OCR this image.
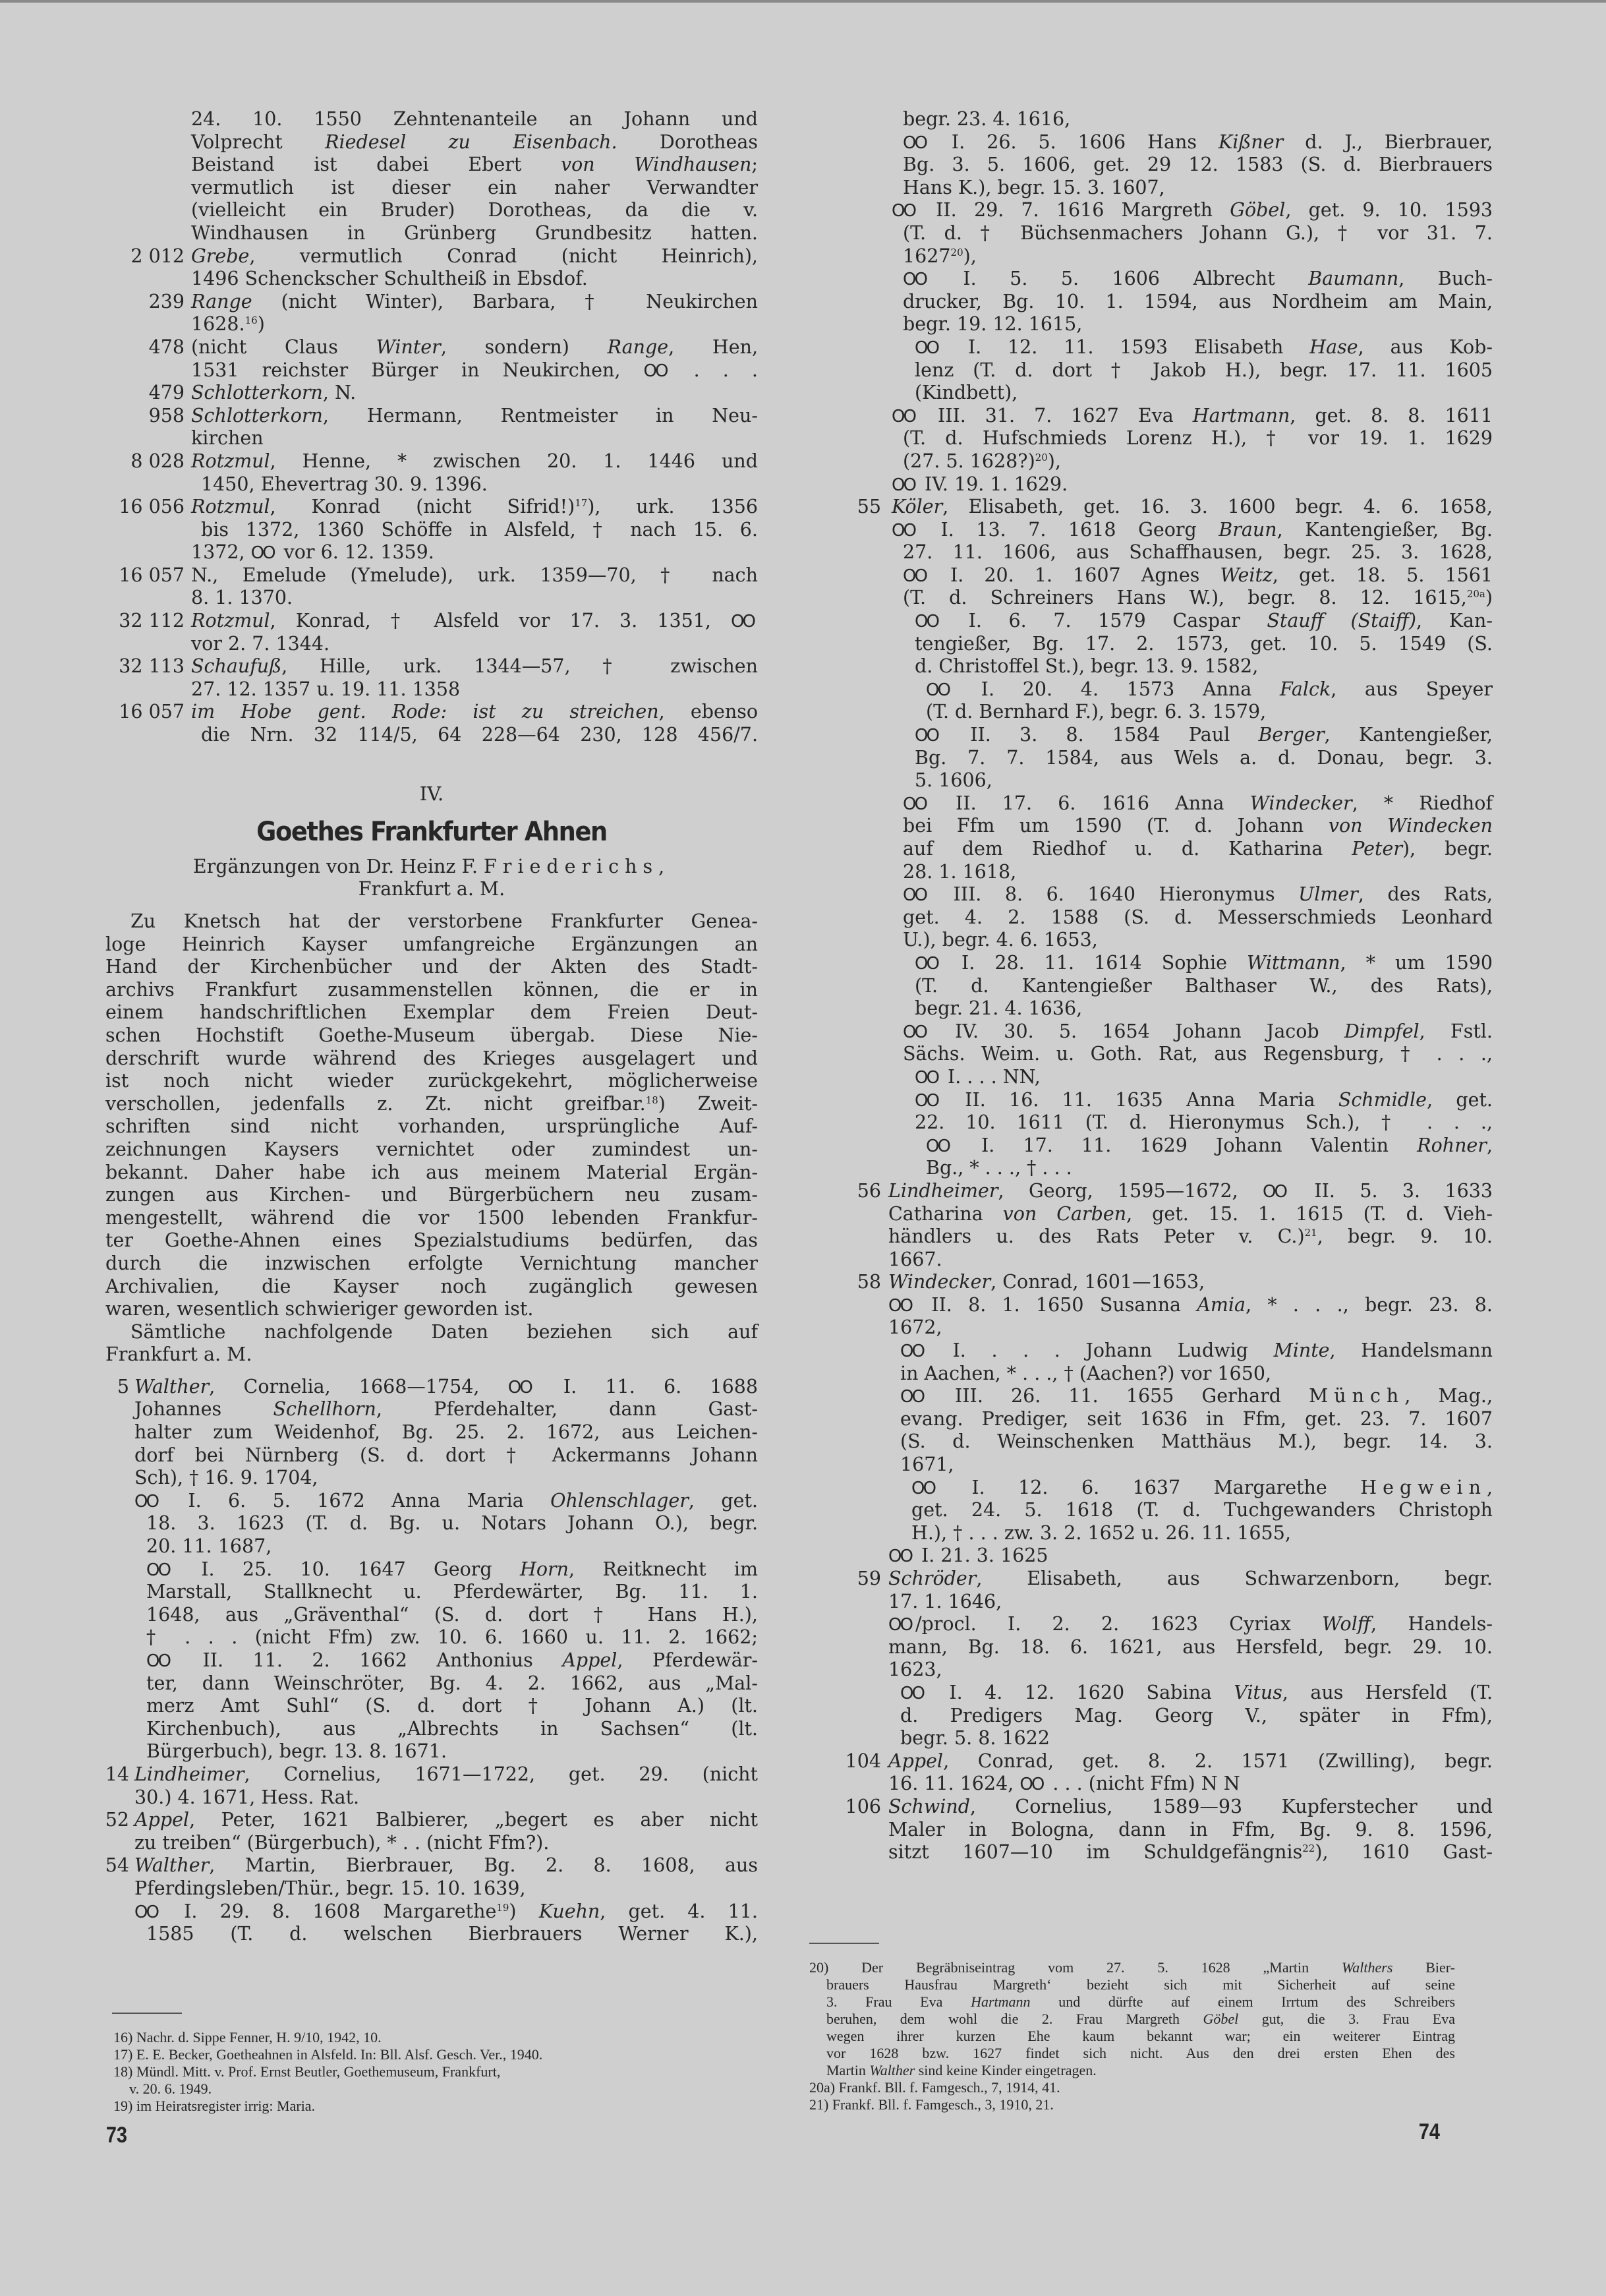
24. 10. 1550 Zehntenanteile an Johann und
Volprecht Riedesel zu Eisenbach. Dorotheas
Beistand ist dabei Ebert von Windhausen;
vermutlich ist dieser ein naher Verwandter
(vielleicht ein Bruder) Dorotheas, da die v.
Windhausen in Grünberg Grundbesitz hatten.
2 012 Grebe, vermutlich Conrad (nicht Heinrich),
1496 Schenckscher Schultheiß in Ebsdof.
239 Range (nicht Winter), Barbara, † Neukirchen
1628.16)
478 (nicht Claus Winter, sondern) Range, Hen,
1531 reichster Bürger in Neukirchen, OO . . .
479 Schlotterkorn, N.
958 Schlotterkorn, Hermann, Rentmeister in Neu-
kirchen
8 028 Rotzmul, Henne, * zwischen 20. 1. 1446 und
1450, Ehevertrag 30. 9. 1396.
16 056 Rotzmul, Konrad (nicht Sifrid!)$^{17}$), urk. 1356
bis 1372, 1360 Schöffe in Alsfeld, † nach 15. 6.
1372, OO vor 6. 12. 1359.
16 057 N., Emelude (Ymelude), urk. 1359—70, † nach
8. 1. 1370.
32 112 Rotzmul, Konrad, † Alsfeld vor 17. 3. 1351, OO
vor 2. 7. 1344.
32 113 Schaufuß, Hille, urk. 1344—57, † zwischen
27. 12. 1357 u. 19. 11. 1358
16 057 im Hobe gent. Rode: ist zu streichen, ebenso
die Nrn. 32 114/5, 64 228—64 230, 128 456/7.
IV.
Goethes Frankfurter Ahnen
Ergänzungen von Dr. Heinz F. Friederichs,
Frankfurt a. M.
Zu Knetsch hat der verstorbene Frankfurter Genea-
loge Heinrich Kayser umfangreiche Ergänzungen an
Hand der Kirchenbücher und der Akten des Stadt-
archivs Frankfurt zusammenstellen können, die er in
einem handschriftlichen Exemplar dem Freien Deut-
schen Hochstift Goethe-Museum übergab. Diese Nie-
derschrift wurde während des Krieges ausgelagert und
ist noch nicht wieder zurückgekehrt, möglicherweise
verschollen, jedenfalls z. Zt. nicht greifbar.$^{18}$) Zweit-
schriften sind nicht vorhanden, ursprüngliche Auf-
zeichnungen Kaysers vernichtet oder zumindest un-
bekannt. Daher habe ich aus meinem Material Ergän-
zungen aus Kirchen- und Bürgerbüchern neu zusam-
mengestellt, während die vor 1500 lebenden Frankfur-
ter Goethe-Ahnen eines Spezialstudiums bedürfen, das
durch die inzwischen erfolgte Vernichtung mancher
Archivalien, die Kayser noch zugänglich gewesen
waren, wesentlich schwieriger geworden ist.
Sämtliche nachfolgende Daten beziehen sich auf
Frankfurt a. M.
5 Walther, Cornelia, 1668—1754, OO I. 11. 6. 1688
Johannes Schellhorn, Pferdehalter, dann Gast-
halter zum Weidenhof, Bg. 25. 2. 1672, aus Leichen-
dorf bei Nürnberg (S. d. dort † Ackermanns Johann
Sch), † 16. 9. 1704,
OO I. 6. 5. 1672 Anna Maria Ohlenschlager, get.
18. 3. 1623 (T. d. Bg. u. Notars Johann O.), begr.
20. 11. 1687,
OO I. 25. 10. 1647 Georg Horn, Reitknecht im
Marstall, Stallknecht u. Pferdewärter, Bg. 11. 1.
1648, aus „Gräventhal“ (S. d. dort † Hans H.),
† . . . (nicht Ffm) zw. 10. 6. 1660 u. 11. 2. 1662;
OO II. 11. 2. 1662 Anthonius Appel, Pferdewär-
ter, dann Weinschröter, Bg. 4. 2. 1662, aus „Mal-
merz Amt Suhl“ (S. d. dort † Johann A.) (lt.
Kirchenbuch), aus „Albrechts in Sachsen“ (lt.
Bürgerbuch), begr. 13. 8. 1671.
14 Lindheimer, Cornelius, 1671—1722, get. 29. (nicht
30.) 4. 1671, Hess. Rat.
52 Appel, Peter, 1621 Balbierer, „begert es aber nicht
zu treiben“ (Bürgerbuch), * . . (nicht Ffm?).
54 Walther, Martin, Bierbrauer, Bg. 2. 8. 1608, aus
Pferdingsleben/Thür., begr. 15. 10. 1639,
OO I. 29. 8. 1608 Margarethe$^{19}$) Kuehn, get. 4. 11.
1585 (T. d. welschen Bierbrauers Werner K.),
16) Nachr. d. Sippe Fenner, H. 9/10, 1942, 10.
17) E. E. Becker, Goetheahnen in Alsfeld. In: Bll. Alsf. Gesch. Ver., 1940.
18) Mündl. Mitt. v. Prof. Ernst Beutler, Goethemuseum, Frankfurt,
v. 20. 6. 1949.
19) im Heiratsregister irrig: Maria.
73
begr. 23. 4. 1616,
OO I. 26. 5. 1606 Hans Kißner d. J., Bierbrauer,
Bg. 3. 5. 1606, get. 29 12. 1583 (S. d. Bierbrauers
Hans K.), begr. 15. 3. 1607,
OO II. 29. 7. 1616 Margreth Göbel, get. 9. 10. 1593
(T. d. † Büchsenmachers Johann G.), † vor 31. 7.
1627$^{20}$),
OO I. 5. 5. 1606 Albrecht Baumann, Buch-
drucker, Bg. 10. 1. 1594, aus Nordheim am Main,
begr. 19. 12. 1615,
OO I. 12. 11. 1593 Elisabeth Hase, aus Kob-
lenz (T. d. dort † Jakob H.), begr. 17. 11. 1605
(Kindbett),
OO III. 31. 7. 1627 Eva Hartmann, get. 8. 8. 1611
(T. d. Hufschmieds Lorenz H.), † vor 19. 1. 1629
(27. 5. 1628?)$^{20}$),
OO IV. 19. 1. 1629.
55 Köler, Elisabeth, get. 16. 3. 1600 begr. 4. 6. 1658,
OO I. 13. 7. 1618 Georg Braun, Kantengießer, Bg.
27. 11. 1606, aus Schaffhausen, begr. 25. 3. 1628,
OO I. 20. 1. 1607 Agnes Weitz, get. 18. 5. 1561
(T. d. Schreiners Hans W.), begr. 8. 12. 1615,$^{20a}$)
OO I. 6. 7. 1579 Caspar Stauff (Staiff), Kan-
tengießer, Bg. 17. 2. 1573, get. 10. 5. 1549 (S.
d. Christoffel St.), begr. 13. 9. 1582,
OO I. 20. 4. 1573 Anna Falck, aus Speyer
(T. d. Bernhard F.), begr. 6. 3. 1579,
OO II. 3. 8. 1584 Paul Berger, Kantengießer,
Bg. 7. 7. 1584, aus Wels a. d. Donau, begr. 3.
5. 1606,
OO II. 17. 6. 1616 Anna Windecker, * Riedhof
bei Ffm um 1590 (T. d. Johann von Windecken
auf dem Riedhof u. d. Katharina Peter), begr.
28. 1. 1618,
OO III. 8. 6. 1640 Hieronymus Ulmer, des Rats,
get. 4. 2. 1588 (S. d. Messerschmieds Leonhard
U.), begr. 4. 6. 1653,
OO I. 28. 11. 1614 Sophie Wittmann, * um 1590
(T. d. Kantengießer Balthaser W., des Rats),
begr. 21. 4. 1636,
OO IV. 30. 5. 1654 Johann Jacob Dimpfel, Fstl.
Sächs. Weim. u. Goth. Rat, aus Regensburg, † . . .,
OO I. . . . NN,
OO II. 16. 11. 1635 Anna Maria Schmidle, get.
22. 10. 1611 (T. d. Hieronymus Sch.), † . . .,
OO I. 17. 11. 1629 Johann Valentin Rohner,
Bg., * . . ., † . . .
56 Lindheimer, Georg, 1595—1672, OO II. 5. 3. 1633
Catharina von Carben, get. 15. 1. 1615 (T. d. Vieh-
händlers u. des Rats Peter v. C.)$^{21}$, begr. 9. 10.
1667.
58 Windecker, Conrad, 1601—1653,
OO II. 8. 1. 1650 Susanna Amia, * . . ., begr. 23. 8.
1672,
OO I. . . . Johann Ludwig Minte, Handelsmann
in Aachen, * . . ., † (Aachen?) vor 1650,
OO III. 26. 11. 1655 Gerhard Münch, Mag.,
evang. Prediger, seit 1636 in Ffm, get. 23. 7. 1607
(S. d. Weinschenken Matthäus M.), begr. 14. 3.
1671,
OO I. 12. 6. 1637 Margarethe Hegwein,
get. 24. 5. 1618 (T. d. Tuchgewanders Christoph
H.), † . . . zw. 3. 2. 1652 u. 26. 11. 1655,
OO I. 21. 3. 1625
59 Schröder, Elisabeth, aus Schwarzenborn, begr.
17. 1. 1646,
OO /procl. I. 2. 2. 1623 Cyriax Wolff, Handels-
mann, Bg. 18. 6. 1621, aus Hersfeld, begr. 29. 10.
1623,
OO I. 4. 12. 1620 Sabina Vitus, aus Hersfeld (T.
d. Predigers Mag. Georg V., später in Ffm),
begr. 5. 8. 1622
104 Appel, Conrad, get. 8. 2. 1571 (Zwilling), begr.
16. 11. 1624, OO . . . (nicht Ffm) N N
106 Schwind, Cornelius, 1589—93 Kupferstecher und
Maler in Bologna, dann in Ffm, Bg. 9. 8. 1596,
sitzt 1607—10 im Schuldgefängnis$^{22}$), 1610 Gast-
20) Der Begräbniseintrag vom 27. 5. 1628 „Martin Walthers Bier-
brauers Hausfrau Margreth‘ bezieht sich mit Sicherheit auf seine
3. Frau Eva Hartmann und dürfte auf einem Irrtum des Schreibers
beruhen, dem wohl die 2. Frau Margreth Göbel gut, die 3. Frau Eva
wegen ihrer kurzen Ehe kaum bekannt war; ein weiterer Eintrag
vor 1628 bzw. 1627 findet sich nicht. Aus den drei ersten Ehen des
Martin Walther sind keine Kinder eingetragen.
20a) Frankf. Bll. f. Famgesch., 7, 1914, 41.
21) Frankf. Bll. f. Famgesch., 3, 1910, 21.
74
